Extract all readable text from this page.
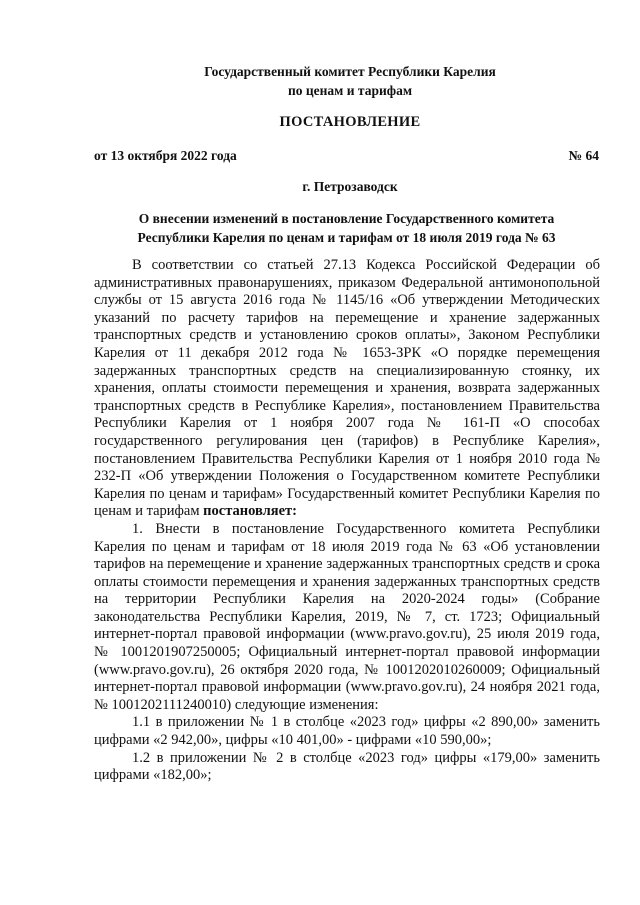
Государственный комитет Республики Карелия
по ценам и тарифам
ПОСТАНОВЛЕНИЕ
от 13 октября 2022 года	№ 64
г. Петрозаводск
О внесении изменений в постановление Государственного комитета
Республики Карелия по ценам и тарифам от 18 июля 2019 года № 63

В соответствии со статьей 27.13 Кодекса Российской Федерации об административных правонарушениях, приказом Федеральной антимонопольной службы от 15 августа 2016 года № 1145/16 «Об утверждении Методических указаний по расчету тарифов на перемещение и хранение задержанных транспортных средств и установлению сроков оплаты», Законом Республики Карелия от 11 декабря 2012 года № 1653-ЗРК «О порядке перемещения задержанных транспортных средств на специализированную стоянку, их хранения, оплаты стоимости перемещения и хранения, возврата задержанных транспортных средств в Республике Карелия», постановлением Правительства Республики Карелия от 1 ноября 2007 года № 161-П «О способах государственного регулирования цен (тарифов) в Республике Карелия», постановлением Правительства Республики Карелия от 1 ноября 2010 года № 232-П «Об утверждении Положения о Государственном комитете Республики Карелия по ценам и тарифам» Государственный комитет Республики Карелия по ценам и тарифам постановляет:

1. Внести в постановление Государственного комитета Республики Карелия по ценам и тарифам от 18 июля 2019 года № 63 «Об установлении тарифов на перемещение и хранение задержанных транспортных средств и срока оплаты стоимости перемещения и хранения задержанных транспортных средств на территории Республики Карелия на 2020-2024 годы» (Собрание законодательства Республики Карелия, 2019, № 7, ст. 1723; Официальный интернет-портал правовой информации (www.pravo.gov.ru), 25 июля 2019 года, № 1001201907250005; Официальный интернет-портал правовой информации (www.pravo.gov.ru), 26 октября 2020 года, № 1001202010260009; Официальный интернет-портал правовой информации (www.pravo.gov.ru), 24 ноября 2021 года, № 1001202111240010) следующие изменения:

1.1 в приложении № 1 в столбце «2023 год» цифры «2 890,00» заменить цифрами «2 942,00», цифры «10 401,00» - цифрами «10 590,00»;

1.2 в приложении № 2 в столбце «2023 год» цифры «179,00» заменить цифрами «182,00»;
